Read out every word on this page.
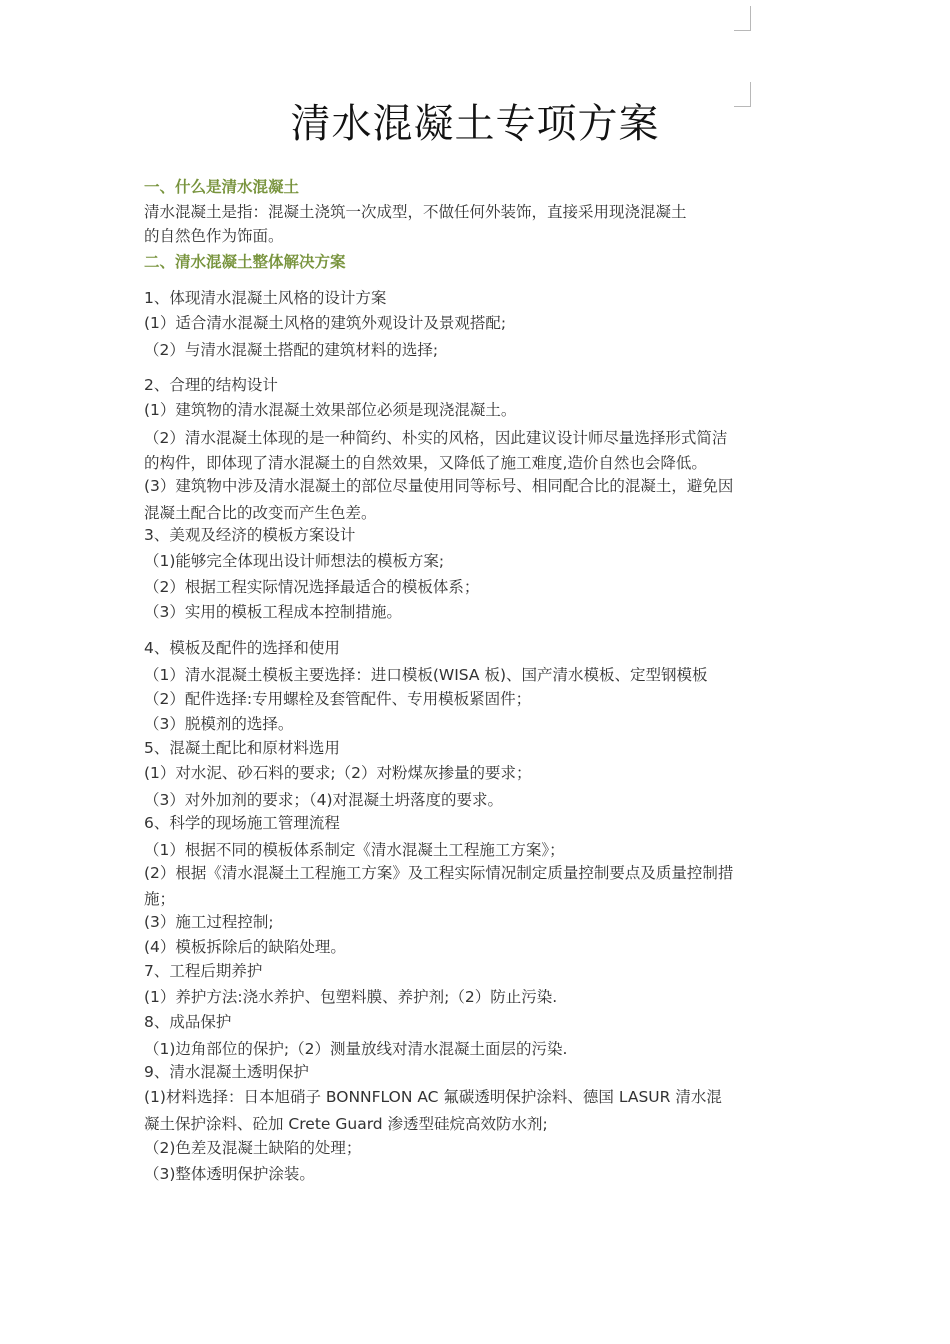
清水混凝土专项方案
一、什么是清水混凝土
清水混凝土是指：混凝土浇筑一次成型，不做任何外装饰，直接采用现浇混凝土
的自然色作为饰面。
二、清水混凝土整体解决方案
1、体现清水混凝土风格的设计方案
(1）适合清水混凝土风格的建筑外观设计及景观搭配;
（2）与清水混凝土搭配的建筑材料的选择;
2、合理的结构设计
(1）建筑物的清水混凝土效果部位必须是现浇混凝土。
（2）清水混凝土体现的是一种简约、朴实的风格，因此建议设计师尽量选择形式简洁
的构件，即体现了清水混凝土的自然效果，又降低了施工难度,造价自然也会降低。
(3）建筑物中涉及清水混凝土的部位尽量使用同等标号、相同配合比的混凝土，避免因
混凝土配合比的改变而产生色差。
3、美观及经济的模板方案设计
（1)能够完全体现出设计师想法的模板方案;
（2）根据工程实际情况选择最适合的模板体系；
（3）实用的模板工程成本控制措施。
4、模板及配件的选择和使用
（1）清水混凝土模板主要选择：进口模板(WISA 板)、国产清水模板、定型钢模板
（2）配件选择:专用螺栓及套管配件、专用模板紧固件；
（3）脱模剂的选择。
5、混凝土配比和原材料选用
(1）对水泥、砂石料的要求;（2）对粉煤灰掺量的要求；
（3）对外加剂的要求；（4)对混凝土坍落度的要求。
6、科学的现场施工管理流程
（1）根据不同的模板体系制定《清水混凝土工程施工方案》；
(2）根据《清水混凝土工程施工方案》及工程实际情况制定质量控制要点及质量控制措
施；
(3）施工过程控制;
(4）模板拆除后的缺陷处理。
7、工程后期养护
(1）养护方法:浇水养护、包塑料膜、养护剂;（2）防止污染.
8、成品保护
（1)边角部位的保护;（2）测量放线对清水混凝土面层的污染.
9、清水混凝土透明保护
(1)材料选择：日本旭硝子 BONNFLON AC 氟碳透明保护涂料、德国 LASUR 清水混
凝土保护涂料、砼加 Crete Guard 渗透型硅烷高效防水剂;
（2)色差及混凝土缺陷的处理；
（3)整体透明保护涂装。
